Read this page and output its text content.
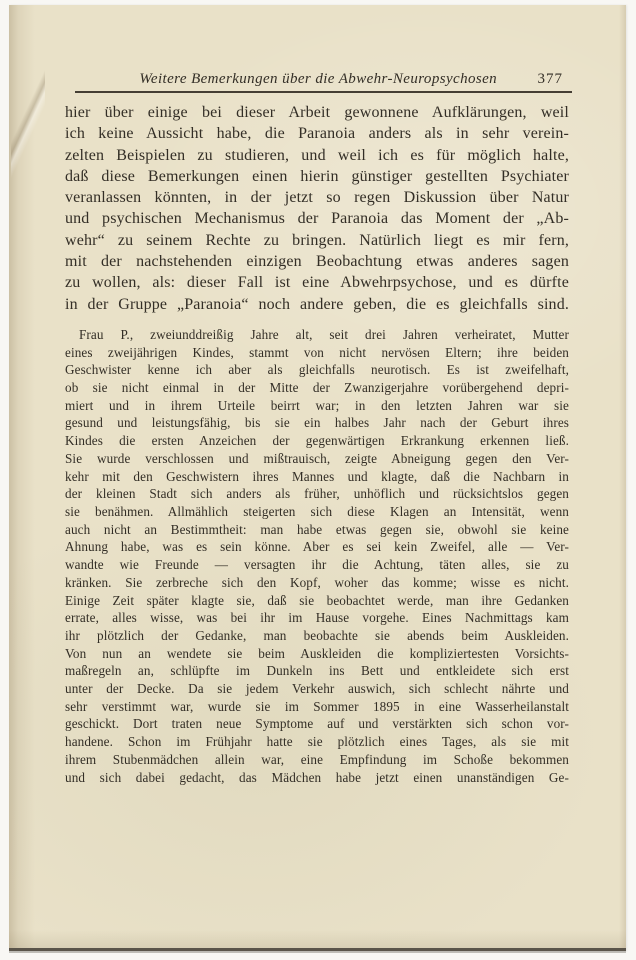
Weitere Bemerkungen über die Abwehr-Neuropsychosen	377
hier über einige bei dieser Arbeit gewonnene Aufklärungen, weil
ich keine Aussicht habe, die Paranoia anders als in sehr verein-
zelten Beispielen zu studieren, und weil ich es für möglich halte,
daß diese Bemerkungen einen hierin günstiger gestellten Psychiater
veranlassen könnten, in der jetzt so regen Diskussion über Natur
und psychischen Mechanismus der Paranoia das Moment der „Ab-
wehr“ zu seinem Rechte zu bringen. Natürlich liegt es mir fern,
mit der nachstehenden einzigen Beobachtung etwas anderes sagen
zu wollen, als: dieser Fall ist eine Abwehrpsychose, und es dürfte
in der Gruppe „Paranoia“ noch andere geben, die es gleichfalls sind.
Frau P., zweiunddreißig Jahre alt, seit drei Jahren verheiratet, Mutter
eines zweijährigen Kindes, stammt von nicht nervösen Eltern; ihre beiden
Geschwister kenne ich aber als gleichfalls neurotisch. Es ist zweifelhaft,
ob sie nicht einmal in der Mitte der Zwanzigerjahre vorübergehend depri-
miert und in ihrem Urteile beirrt war; in den letzten Jahren war sie
gesund und leistungsfähig, bis sie ein halbes Jahr nach der Geburt ihres
Kindes die ersten Anzeichen der gegenwärtigen Erkrankung erkennen ließ.
Sie wurde verschlossen und mißtrauisch, zeigte Abneigung gegen den Ver-
kehr mit den Geschwistern ihres Mannes und klagte, daß die Nachbarn in
der kleinen Stadt sich anders als früher, unhöflich und rücksichtslos gegen
sie benähmen. Allmählich steigerten sich diese Klagen an Intensität, wenn
auch nicht an Bestimmtheit: man habe etwas gegen sie, obwohl sie keine
Ahnung habe, was es sein könne. Aber es sei kein Zweifel, alle — Ver-
wandte wie Freunde — versagten ihr die Achtung, täten alles, sie zu
kränken. Sie zerbreche sich den Kopf, woher das komme; wisse es nicht.
Einige Zeit später klagte sie, daß sie beobachtet werde, man ihre Gedanken
errate, alles wisse, was bei ihr im Hause vorgehe. Eines Nachmittags kam
ihr plötzlich der Gedanke, man beobachte sie abends beim Auskleiden.
Von nun an wendete sie beim Auskleiden die kompliziertesten Vorsichts-
maßregeln an, schlüpfte im Dunkeln ins Bett und entkleidete sich erst
unter der Decke. Da sie jedem Verkehr auswich, sich schlecht nährte und
sehr verstimmt war, wurde sie im Sommer 1895 in eine Wasserheilanstalt
geschickt. Dort traten neue Symptome auf und verstärkten sich schon vor-
handene. Schon im Frühjahr hatte sie plötzlich eines Tages, als sie mit
ihrem Stubenmädchen allein war, eine Empfindung im Schoße bekommen
und sich dabei gedacht, das Mädchen habe jetzt einen unanständigen Ge-
